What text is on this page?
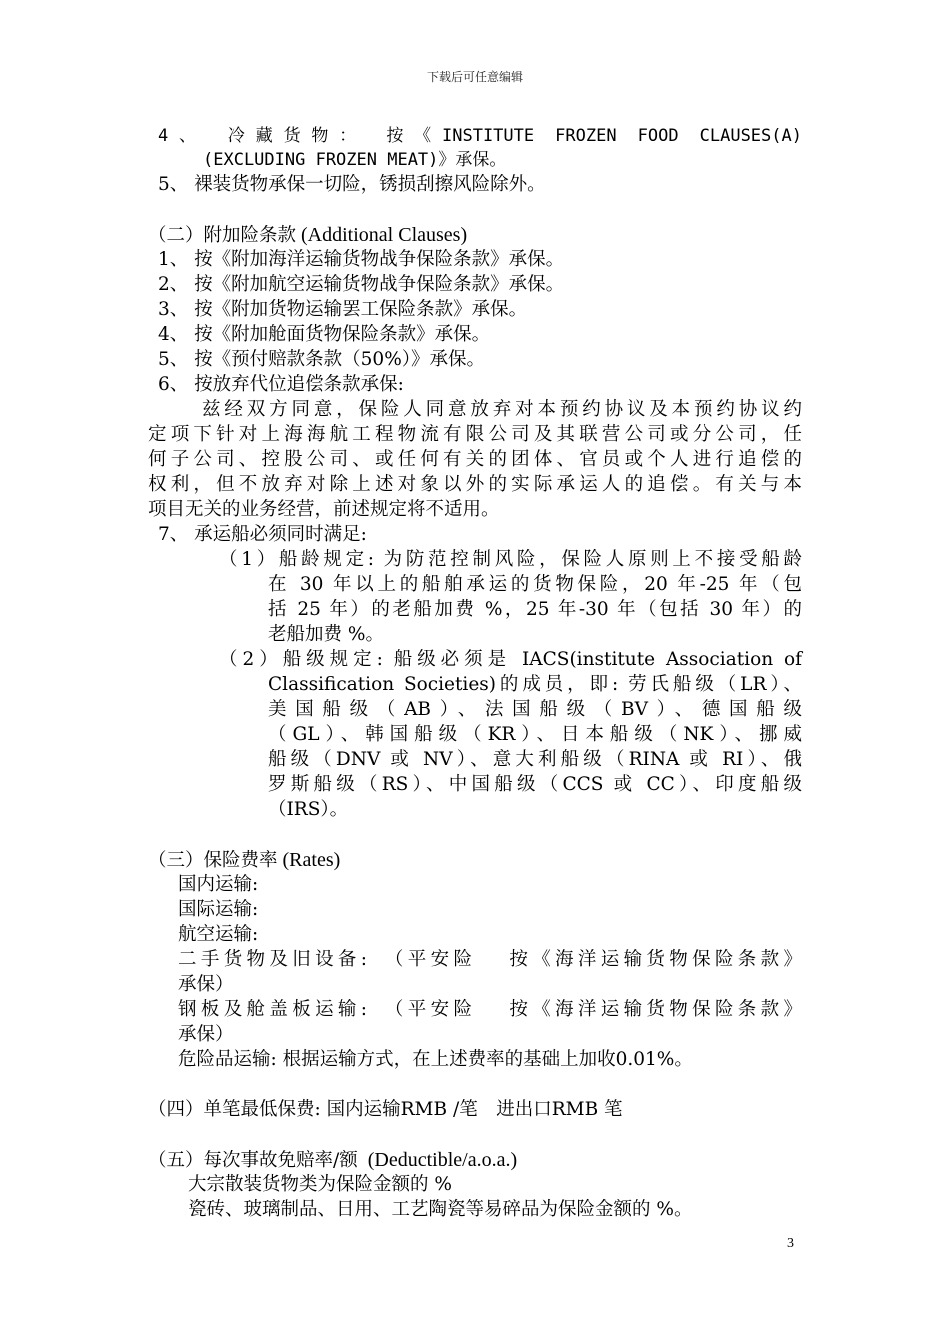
下载后可任意编辑
4、 冷藏货物：　按《INSTITUTE FROZEN FOOD CLAUSES(A)
(EXCLUDING FROZEN MEAT)》承保。
5、 裸装货物承保一切险，锈损刮擦风险除外。
（二）附加险条款 (Additional Clauses)
1、 按《附加海洋运输货物战争保险条款》承保。
2、 按《附加航空运输货物战争保险条款》承保。
3、 按《附加货物运输罢工保险条款》承保。
4、 按《附加舱面货物保险条款》承保。
5、 按《预付赔款条款（50%）》承保。
6、 按放弃代位追偿条款承保:
兹经双方同意，保险人同意放弃对本预约协议及本预约协议约
定项下针对上海海航工程物流有限公司及其联营公司或分公司，任
何子公司、控股公司、或任何有关的团体、官员或个人进行追偿的
权利，但不放弃对除上述对象以外的实际承运人的追偿。有关与本
项目无关的业务经营，前述规定将不适用。
7、 承运船必须同时满足:
（1）船龄规定: 为防范控制风险，保险人原则上不接受船龄
在 30 年以上的船舶承运的货物保险，20 年-25 年（包
括 25 年）的老船加费 %，25 年-30 年（包括 30 年）的
老船加费 %。
（2）船级规定: 船级必须是 IACS(institute Association of
Classification Societies)的成员，即: 劳氏船级（LR）、
美国船级（AB）、法国船级（BV）、德国船级
（GL）、韩国船级（KR）、日本船级（NK）、挪威
船级（DNV 或 NV）、意大利船级（RINA 或 RI）、俄
罗斯船级（RS）、中国船级（CCS 或 CC）、印度船级
（IRS）。
（三）保险费率 (Rates)
国内运输:
国际运输:
航空运输:
二手货物及旧设备:　（平安险　 按《海洋运输货物保险条款》
承保）
钢板及舱盖板运输:　（平安险　 按《海洋运输货物保险条款》
承保）
危险品运输: 根据运输方式，在上述费率的基础上加收0.01%。
（四）单笔最低保费: 国内运输RMB /笔　进出口RMB 笔
（五）每次事故免赔率/额  (Deductible/a.o.a.)
大宗散装货物类为保险金额的 %
瓷砖、玻璃制品、日用、工艺陶瓷等易碎品为保险金额的 %。
3
